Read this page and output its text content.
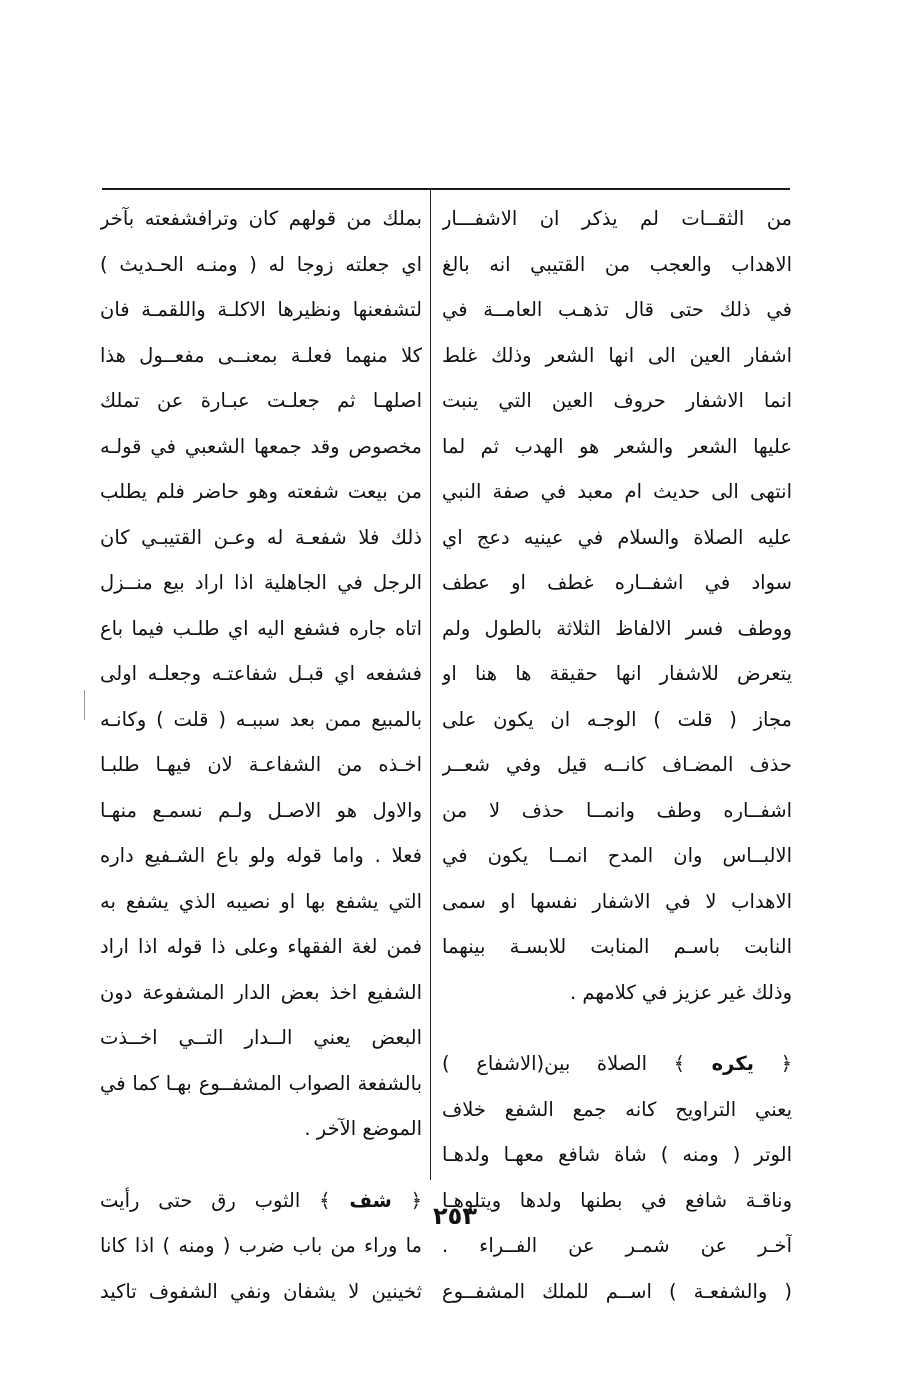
من الثقــات لم يذكر ان الاشفـــار
الاهداب والعجب من القتيبي انه بالغ
في ذلك حتى قال تذهـب العامــة في
اشفار العين الى انها الشعر وذلك غلط
انما الاشفار حروف العين التي ينبت
عليها الشعر والشعر هو الهدب ثم لما
انتهى الى حديث ام معبد في صفة النبي
عليه الصلاة والسلام في عينيه دعج اي
سواد في اشفــاره غطف او عطف
ووطف فسر الالفاظ الثلاثة بالطول ولم
يتعرض للاشفار انها حقيقة ها هنا او
مجاز ( قلت ) الوجـه ان يكون على
حذف المضـاف كانــه قيل وفي شعــر
اشفــاره وطف وانمــا حذف لا من
الالبــاس وان المدح انمــا يكون في
الاهداب لا في الاشفار نفسها او سمى
النابت باسـم المنابت للابسـة بينهما
وذلك غير عزيز في كلامهم .
﴿ يكره ﴾ الصلاة بين(الاشفاع )
يعني التراويح كانه جمع الشفع خلاف
الوتر ( ومنه ) شاة شافع معهـا ولدهـا
وناقـة شافع في بطنها ولدها ويتلوهـا
آخـر عن شمـر عن الفــراء .
( والشفعـة ) اســم للملك المشفــوع
بملك من قولهم كان وترافشفعته بآخر
اي جعلته زوجا له ( ومنـه الحـديث )
لتشفعنها ونظيرها الاكلـة واللقمـة فان
كلا منهما فعلـة بمعنــى مفعــول هذا
اصلهـا ثم جعلـت عبـارة عن تملك
مخصوص وقد جمعها الشعبي في قولـه
من بيعت شفعته وهو حاضر فلم يطلب
ذلك فلا شفعـة له وعـن القتيبـي كان
الرجل في الجاهلية اذا اراد بيع منــزل
اتاه جاره فشفع اليه اي طلـب فيما باع
فشفعه اي قبـل شفاعتـه وجعلـه اولى
بالمبيع ممن بعد سببـه ( قلت ) وكانـه
اخـذه من الشفاعـة لان فيهـا طلبـا
والاول هو الاصـل ولـم نسمـع منهـا
فعلا . واما قوله ولو باع الشـفيع داره
التي يشفع بها او نصيبه الذي يشفع به
فمن لغة الفقهاء وعلى ذا قوله اذا اراد
الشفيع اخذ بعض الدار المشفوعة دون
البعض يعني الــدار التــي اخــذت
بالشفعة الصواب المشفــوع بهـا كما في
الموضع الآخر .
﴿ شف ﴾ الثوب رق حتى رأيت
ما وراء من باب ضرب ( ومنه ) اذا كانا
ثخينين لا يشفان ونفي الشفوف تاكيد
٢٥٣
